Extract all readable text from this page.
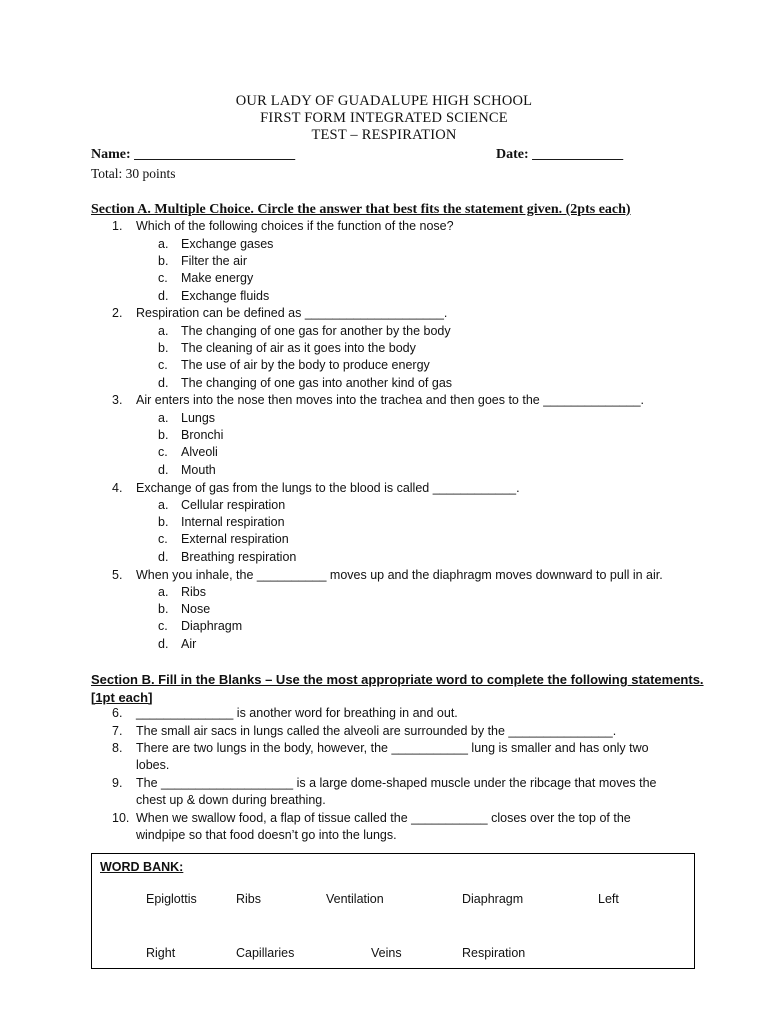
OUR LADY OF GUADALUPE HIGH SCHOOL
FIRST FORM INTEGRATED SCIENCE
TEST – RESPIRATION
Name: _______________________	Date: _____________
Total: 30 points
Section A. Multiple Choice. Circle the answer that best fits the statement given. (2pts each)
1. Which of the following choices if the function of the nose?
a. Exchange gases
b. Filter the air
c. Make energy
d. Exchange fluids
2. Respiration can be defined as ____________________.
a. The changing of one gas for another by the body
b. The cleaning of air as it goes into the body
c. The use of air by the body to produce energy
d. The changing of one gas into another kind of gas
3. Air enters into the nose then moves into the trachea and then goes to the ______________.
a. Lungs
b. Bronchi
c. Alveoli
d. Mouth
4. Exchange of gas from the lungs to the blood is called ____________.
a. Cellular respiration
b. Internal respiration
c. External respiration
d. Breathing respiration
5. When you inhale, the __________ moves up and the diaphragm moves downward to pull in air.
a. Ribs
b. Nose
c. Diaphragm
d. Air
Section B. Fill in the Blanks – Use the most appropriate word to complete the following statements.
[1pt each]
6.	______________ is another word for breathing in and out.
7.	The small air sacs in lungs called the alveoli are surrounded by the _______________.
8.	There are two lungs in the body, however, the ___________ lung is smaller and has only two lobes.
9.	The ___________________ is a large dome-shaped muscle under the ribcage that moves the chest up & down during breathing.
10. When we swallow food, a flap of tissue called the ___________ closes over the top of the windpipe so that food doesn’t go into the lungs.
WORD BANK:
Epiglottis	Ribs	Ventilation	Diaphragm	Left
Right	Capillaries	Veins	Respiration
